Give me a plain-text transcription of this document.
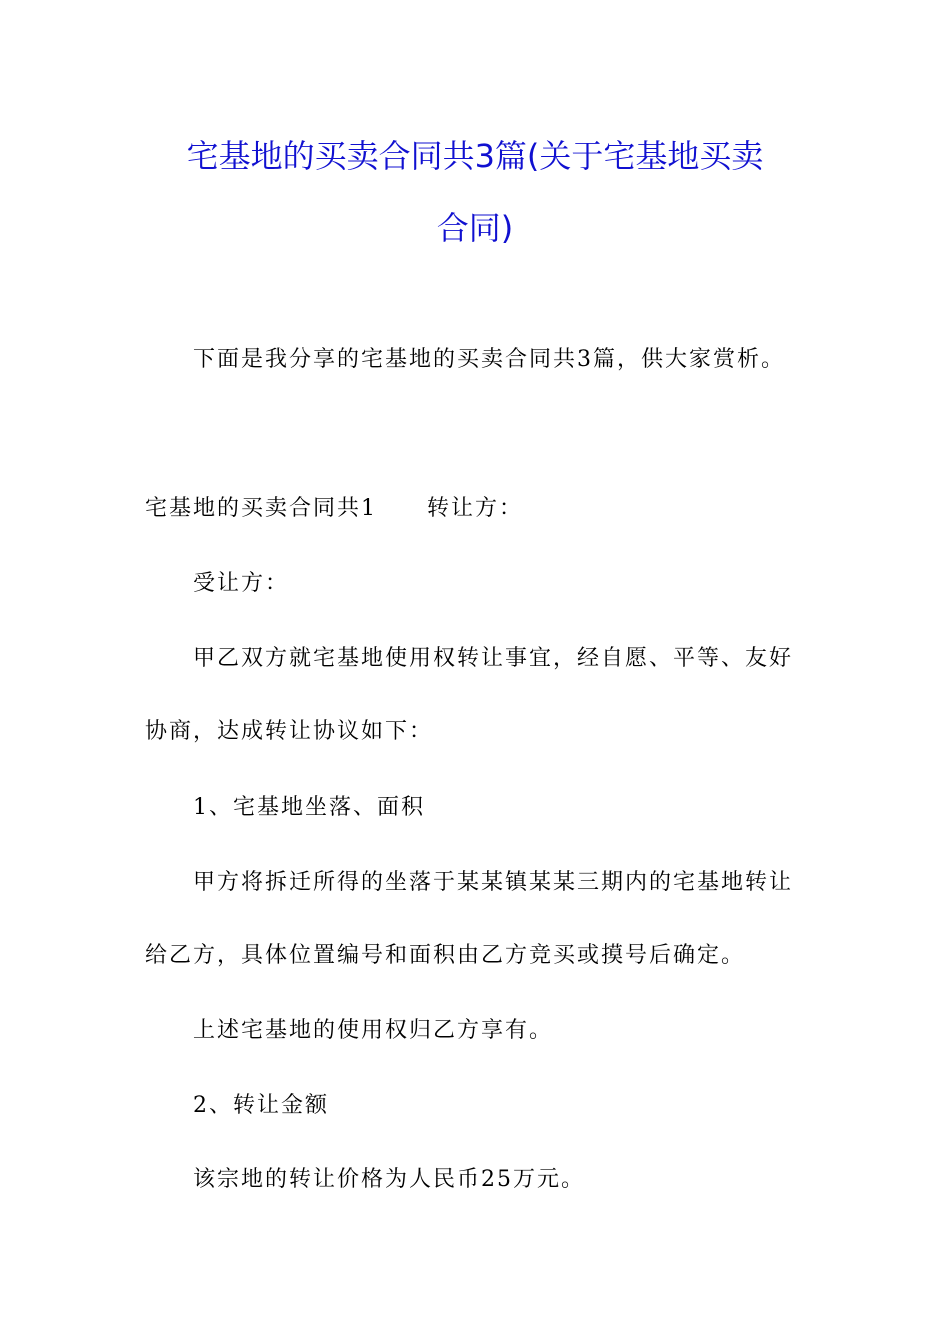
宅基地的买卖合同共3篇(关于宅基地买卖
合同)
下面是我分享的宅基地的买卖合同共3篇，供大家赏析。
宅基地的买卖合同共1 转让方：
受让方：
甲乙双方就宅基地使用权转让事宜，经自愿、平等、友好
协商，达成转让协议如下：
1、宅基地坐落、面积
甲方将拆迁所得的坐落于某某镇某某三期内的宅基地转让
给乙方，具体位置编号和面积由乙方竞买或摸号后确定。
上述宅基地的使用权归乙方享有。
2、转让金额
该宗地的转让价格为人民币25万元。
